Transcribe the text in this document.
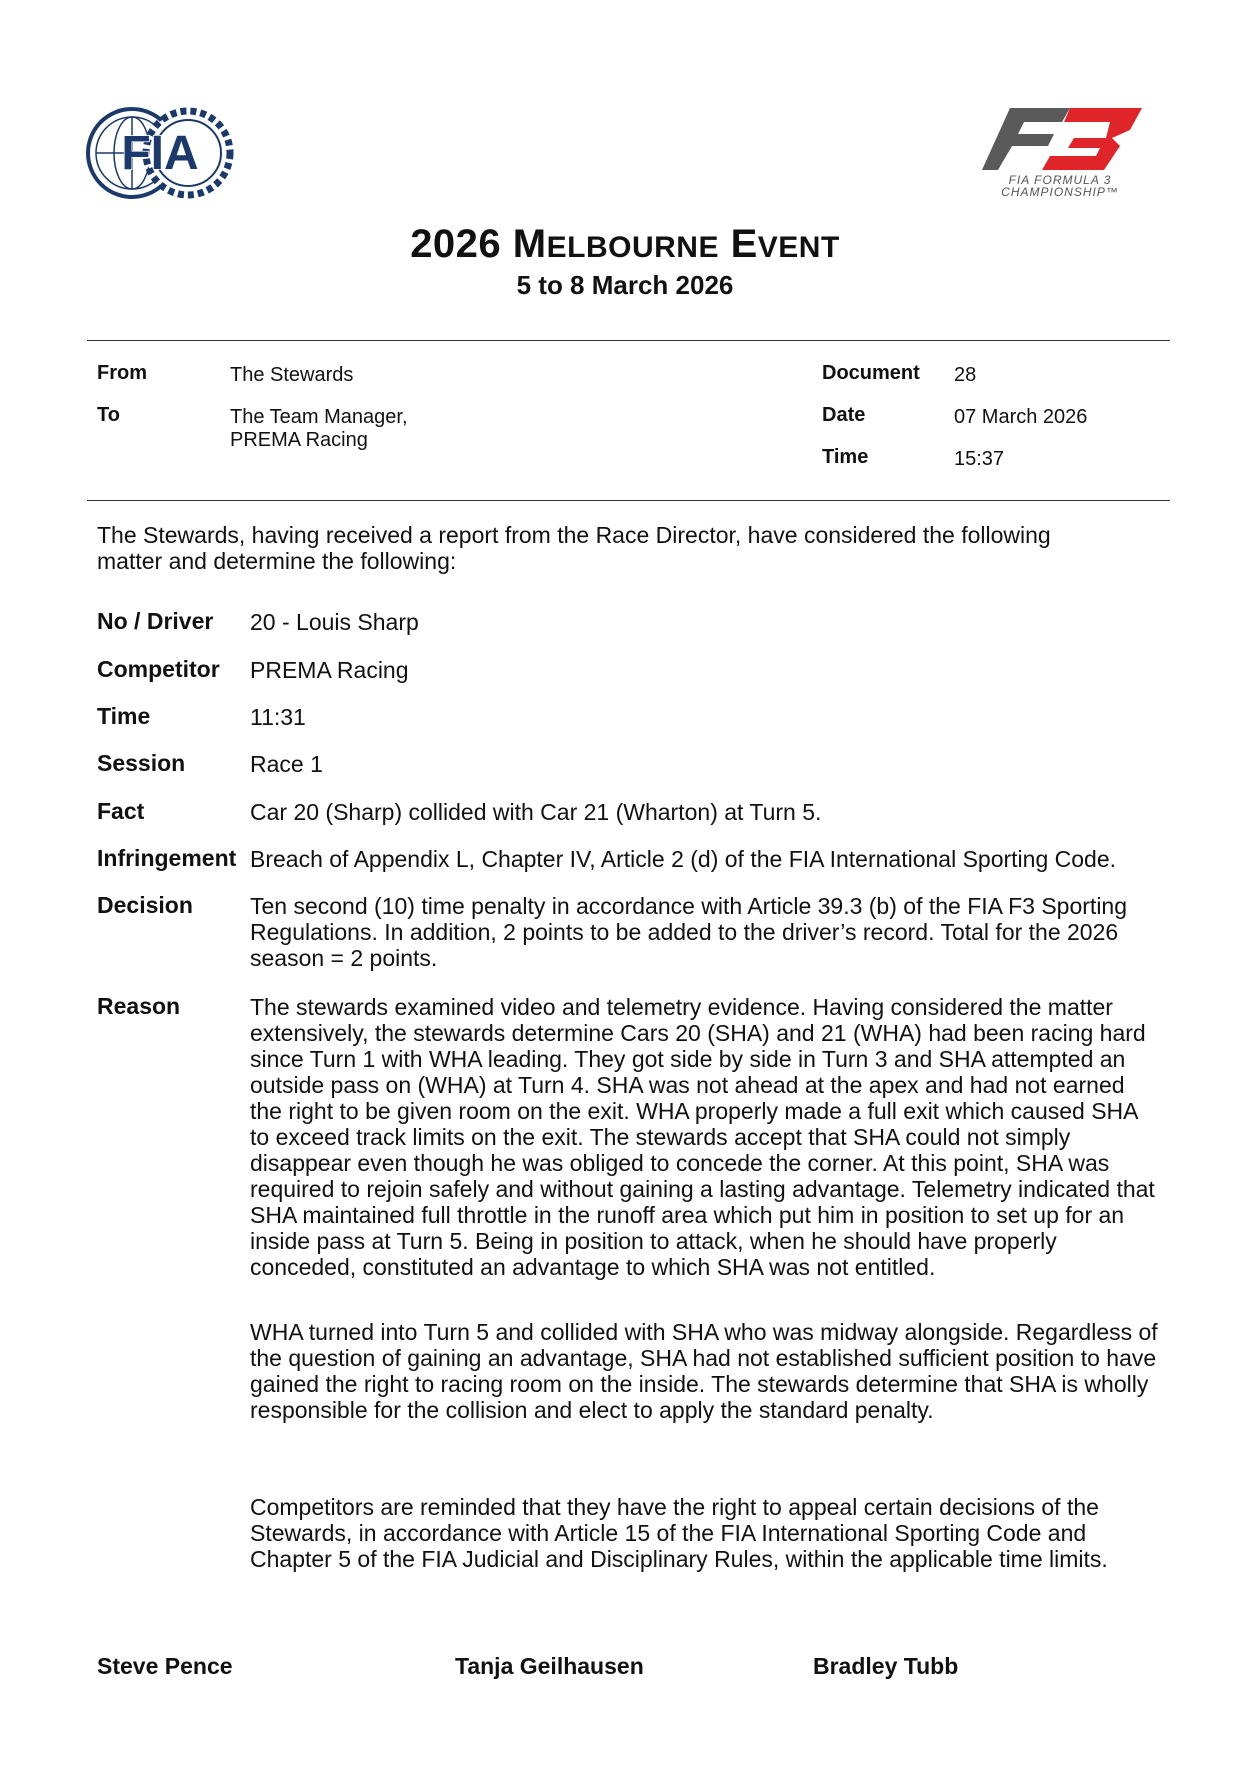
FIA	FIA FORMULA 3
CHAMPIONSHIP™
2026 MELBOURNE EVENT
5 to 8 March 2026
From	The Stewards
To	The Team Manager,
PREMA Racing
Document 28
Date	07 March 2026
Time	15:37
The Stewards, having received a report from the Race Director, have considered the following matter and determine the following:
No / Driver 20 - Louis Sharp
Competitor PREMA Racing
Time	11:31
Session	Race 1
Fact	Car 20 (Sharp) collided with Car 21 (Wharton) at Turn 5.
Infringement Breach of Appendix L, Chapter IV, Article 2 (d) of the FIA International Sporting Code.
Decision Ten second (10) time penalty in accordance with Article 39.3 (b) of the FIA F3 Sporting Regulations. In addition, 2 points to be added to the driver’s record. Total for the 2026 season = 2 points.
Reason	The stewards examined video and telemetry evidence. Having considered the matter extensively, the stewards determine Cars 20 (SHA) and 21 (WHA) had been racing hard since Turn 1 with WHA leading. They got side by side in Turn 3 and SHA attempted an outside pass on (WHA) at Turn 4. SHA was not ahead at the apex and had not earned the right to be given room on the exit. WHA properly made a full exit which caused SHA to exceed track limits on the exit. The stewards accept that SHA could not simply disappear even though he was obliged to concede the corner. At this point, SHA was required to rejoin safely and without gaining a lasting advantage. Telemetry indicated that SHA maintained full throttle in the runoff area which put him in position to set up for an inside pass at Turn 5. Being in position to attack, when he should have properly conceded, constituted an advantage to which SHA was not entitled.
WHA turned into Turn 5 and collided with SHA who was midway alongside. Regardless of the question of gaining an advantage, SHA had not established sufficient position to have gained the right to racing room on the inside. The stewards determine that SHA is wholly responsible for the collision and elect to apply the standard penalty.
Competitors are reminded that they have the right to appeal certain decisions of the Stewards, in accordance with Article 15 of the FIA International Sporting Code and Chapter 5 of the FIA Judicial and Disciplinary Rules, within the applicable time limits.
Steve Pence	Tanja Geilhausen	Bradley Tubb
